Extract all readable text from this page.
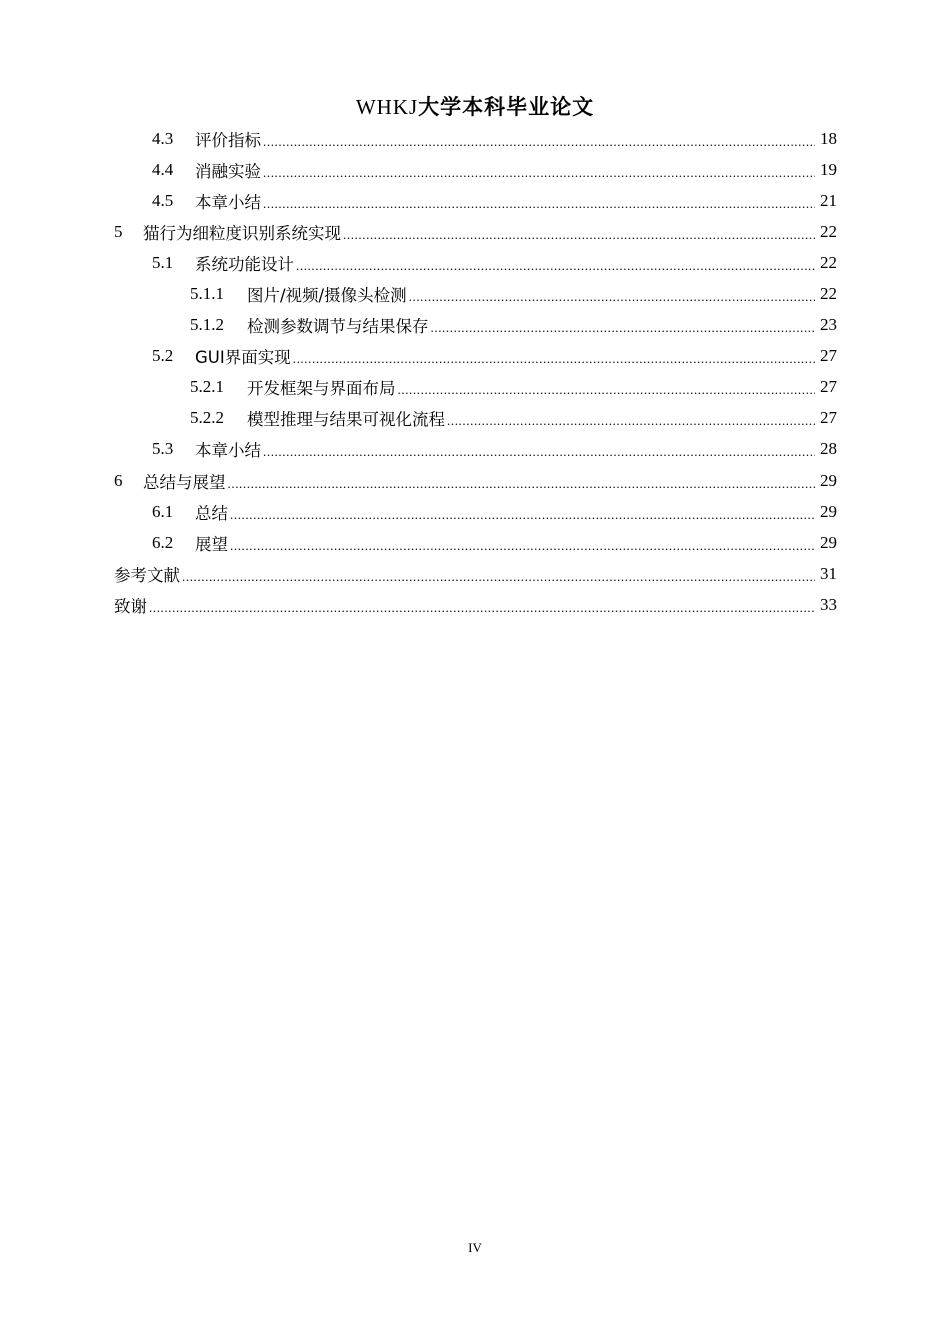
WHKJ大学本科毕业论文
4.3	评价指标 .....	18
4.4	消融实验 .....	19
4.5	本章小结 .....	21
5	猫行为细粒度识别系统实现 .....	22
5.1	系统功能设计 .....	22
5.1.1	图片/视频/摄像头检测 .....	22
5.1.2	检测参数调节与结果保存 .....	23
5.2	GUI界面实现 .....	27
5.2.1	开发框架与界面布局 .....	27
5.2.2	模型推理与结果可视化流程 .....	27
5.3	本章小结 .....	28
6	总结与展望 .....	29
6.1	总结 .....	29
6.2	展望 .....	29
参考文献 .....	31
致谢 .....	33
IV
